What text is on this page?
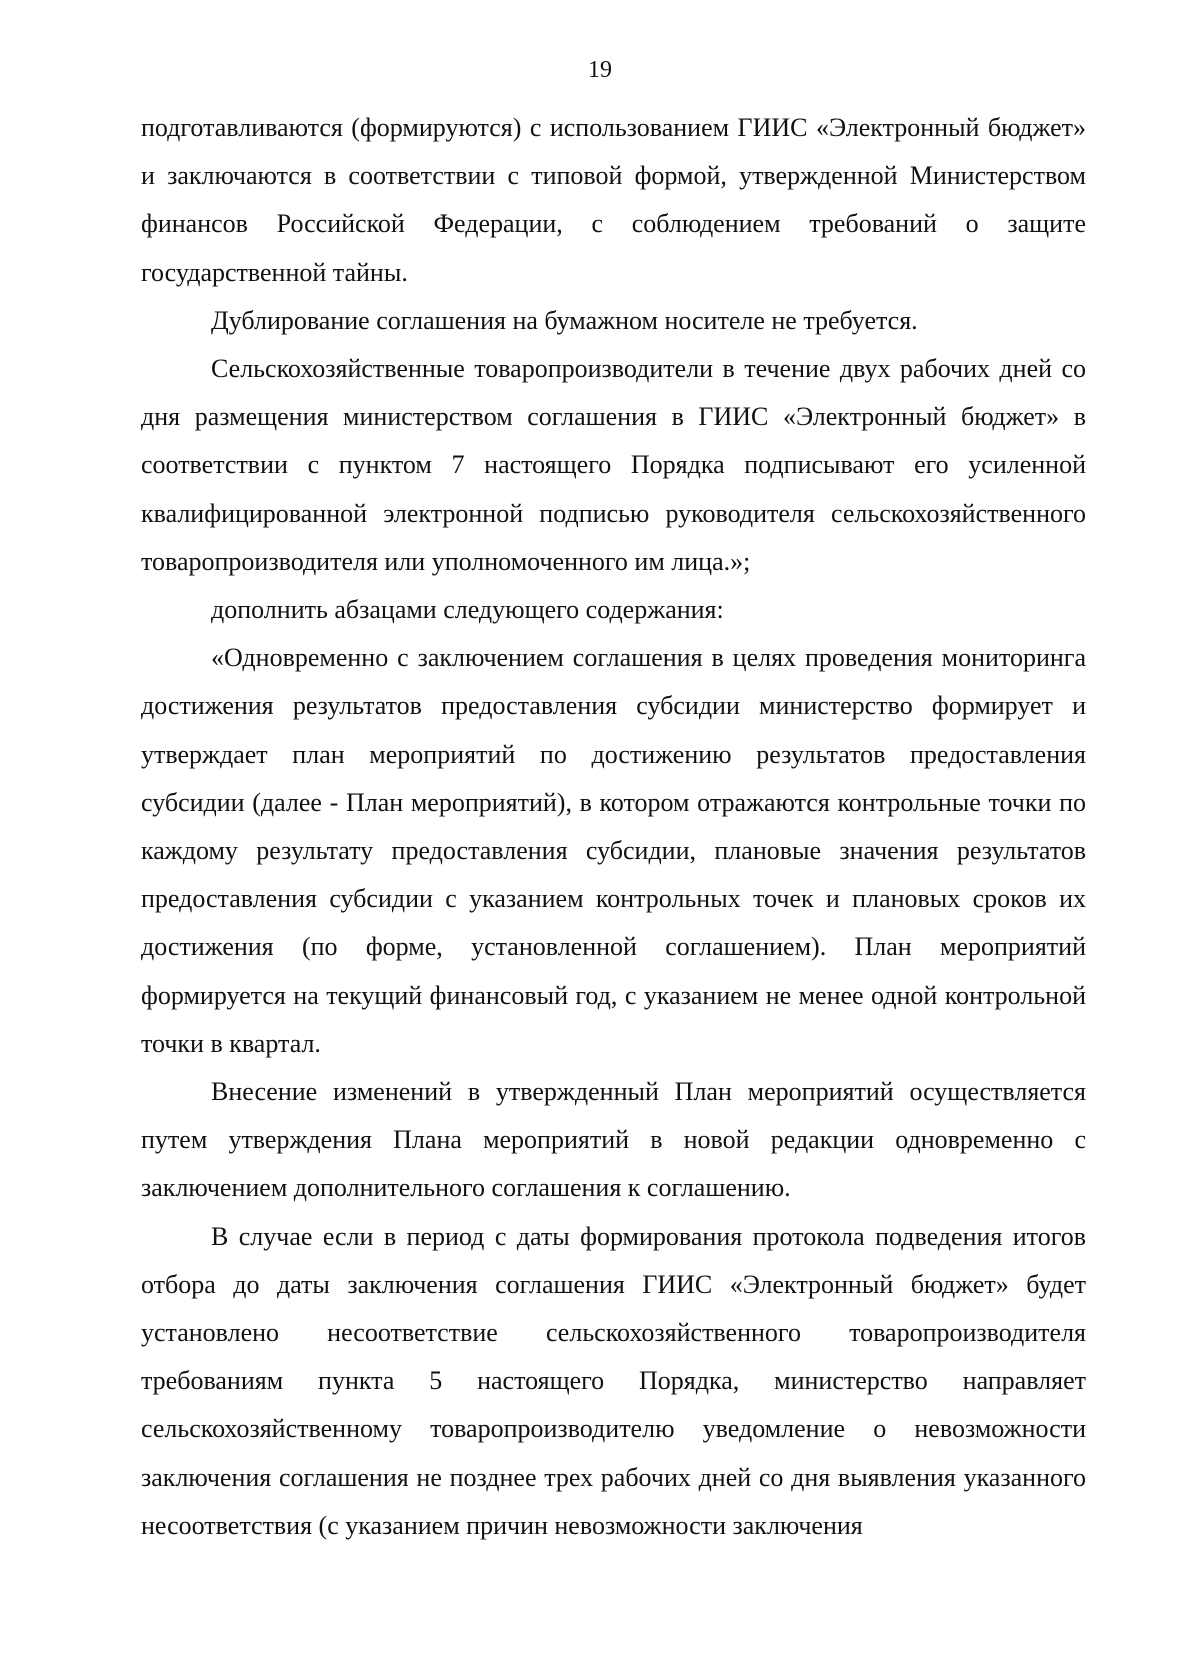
19

подготавливаются (формируются) с использованием ГИИС «Электронный бюджет» и заключаются в соответствии с типовой формой, утвержденной Министерством финансов Российской Федерации, с соблюдением требований о защите государственной тайны.

Дублирование соглашения на бумажном носителе не требуется.

Сельскохозяйственные товаропроизводители в течение двух рабочих дней со дня размещения министерством соглашения в ГИИС «Электронный бюджет» в соответствии с пунктом 7 настоящего Порядка подписывают его усиленной квалифицированной электронной подписью руководителя сельскохозяйственного товаропроизводителя или уполномоченного им лица.»;

дополнить абзацами следующего содержания:

«Одновременно с заключением соглашения в целях проведения мониторинга достижения результатов предоставления субсидии министерство формирует и утверждает план мероприятий по достижению результатов предоставления субсидии (далее - План мероприятий), в котором отражаются контрольные точки по каждому результату предоставления субсидии, плановые значения результатов предоставления субсидии с указанием контрольных точек и плановых сроков их достижения (по форме, установленной соглашением). План мероприятий формируется на текущий финансовый год, с указанием не менее одной контрольной точки в квартал.

Внесение изменений в утвержденный План мероприятий осуществляется путем утверждения Плана мероприятий в новой редакции одновременно с заключением дополнительного соглашения к соглашению.

В случае если в период с даты формирования протокола подведения итогов отбора до даты заключения соглашения ГИИС «Электронный бюджет» будет установлено несоответствие сельскохозяйственного товаропроизводителя требованиям пункта 5 настоящего Порядка, министерство направляет сельскохозяйственному товаропроизводителю уведомление о невозможности заключения соглашения не позднее трех рабочих дней со дня выявления указанного несоответствия (с указанием причин невозможности заключения
